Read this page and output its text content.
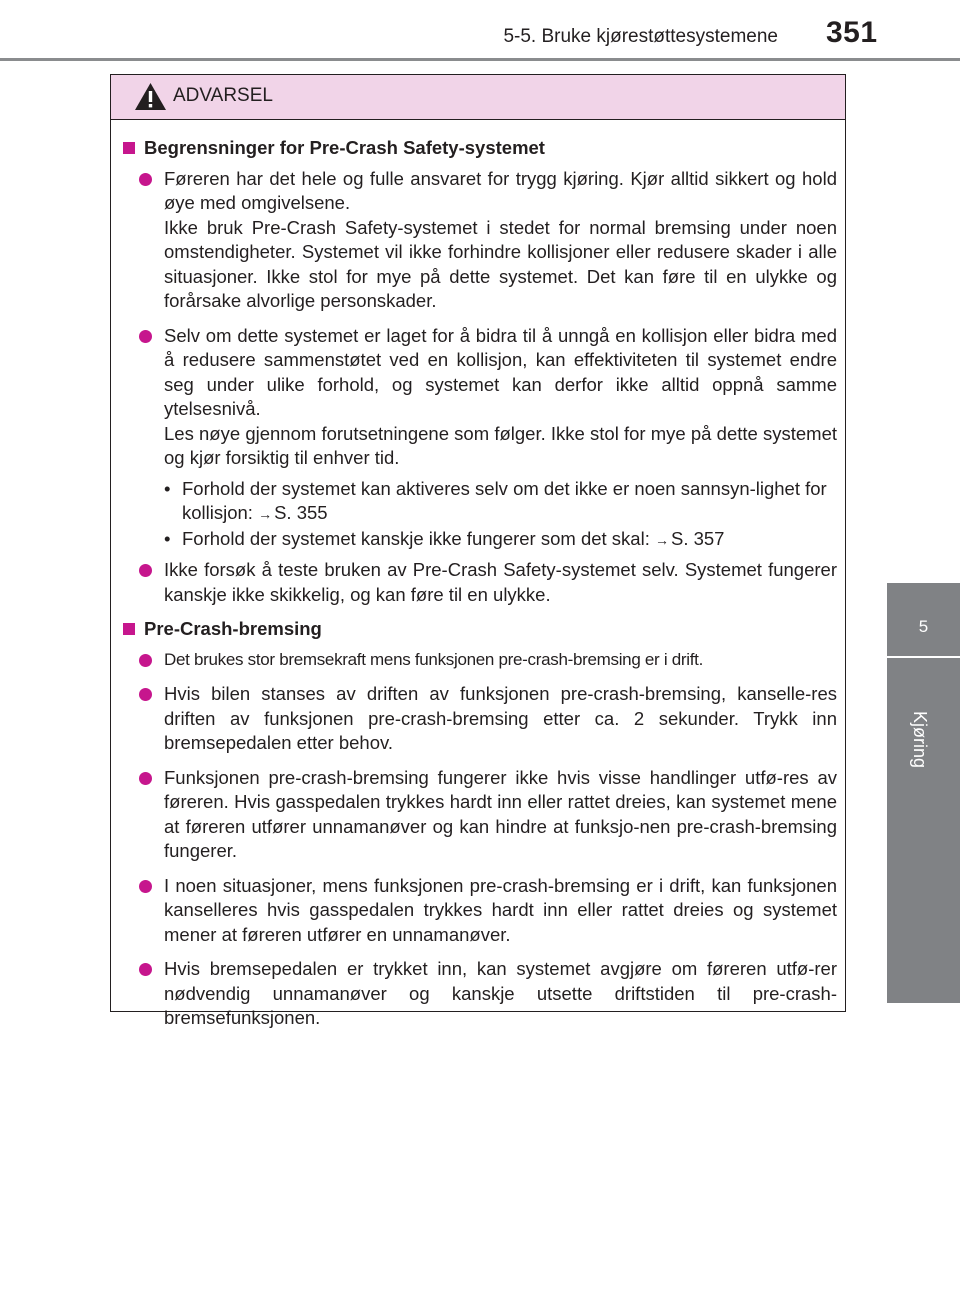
5-5. Bruke kjørestøttesystemene 351
5
Kjøring
ADVARSEL
Begrensninger for Pre-Crash Safety-systemet

Føreren har det hele og fulle ansvaret for trygg kjøring. Kjør alltid sikkert og hold øye med omgivelsene.

Ikke bruk Pre-Crash Safety-systemet i stedet for normal bremsing under noen omstendigheter. Systemet vil ikke forhindre kollisjoner eller redusere skader i alle situasjoner. Ikke stol for mye på dette systemet. Det kan føre til en ulykke og forårsake alvorlige personskader.

Selv om dette systemet er laget for å bidra til å unngå en kollisjon eller bidra med å redusere sammenstøtet ved en kollisjon, kan effektiviteten til systemet endre seg under ulike forhold, og systemet kan derfor ikke alltid oppnå samme ytelsesnivå.

Les nøye gjennom forutsetningene som følger. Ikke stol for mye på dette systemet og kjør forsiktig til enhver tid.

• Forhold der systemet kan aktiveres selv om det ikke er noen sannsyn-lighet for kollisjon: → S. 355
• Forhold der systemet kanskje ikke fungerer som det skal: → S. 357

Ikke forsøk å teste bruken av Pre-Crash Safety-systemet selv. Systemet fungerer kanskje ikke skikkelig, og kan føre til en ulykke.

Pre-Crash-bremsing

Det brukes stor bremsekraft mens funksjonen pre-crash-bremsing er i drift.

Hvis bilen stanses av driften av funksjonen pre-crash-bremsing, kanselle-res driften av funksjonen pre-crash-bremsing etter ca. 2 sekunder. Trykk inn bremsepedalen etter behov.

Funksjonen pre-crash-bremsing fungerer ikke hvis visse handlinger utfø-res av føreren. Hvis gasspedalen trykkes hardt inn eller rattet dreies, kan systemet mene at føreren utfører unnamanøver og kan hindre at funksjo-nen pre-crash-bremsing fungerer.

I noen situasjoner, mens funksjonen pre-crash-bremsing er i drift, kan funksjonen kanselleres hvis gasspedalen trykkes hardt inn eller rattet dreies og systemet mener at føreren utfører en unnamanøver.

Hvis bremsepedalen er trykket inn, kan systemet avgjøre om føreren utfø-rer nødvendig unnamanøver og kanskje utsette driftstiden til pre-crash-bremsefunksjonen.
